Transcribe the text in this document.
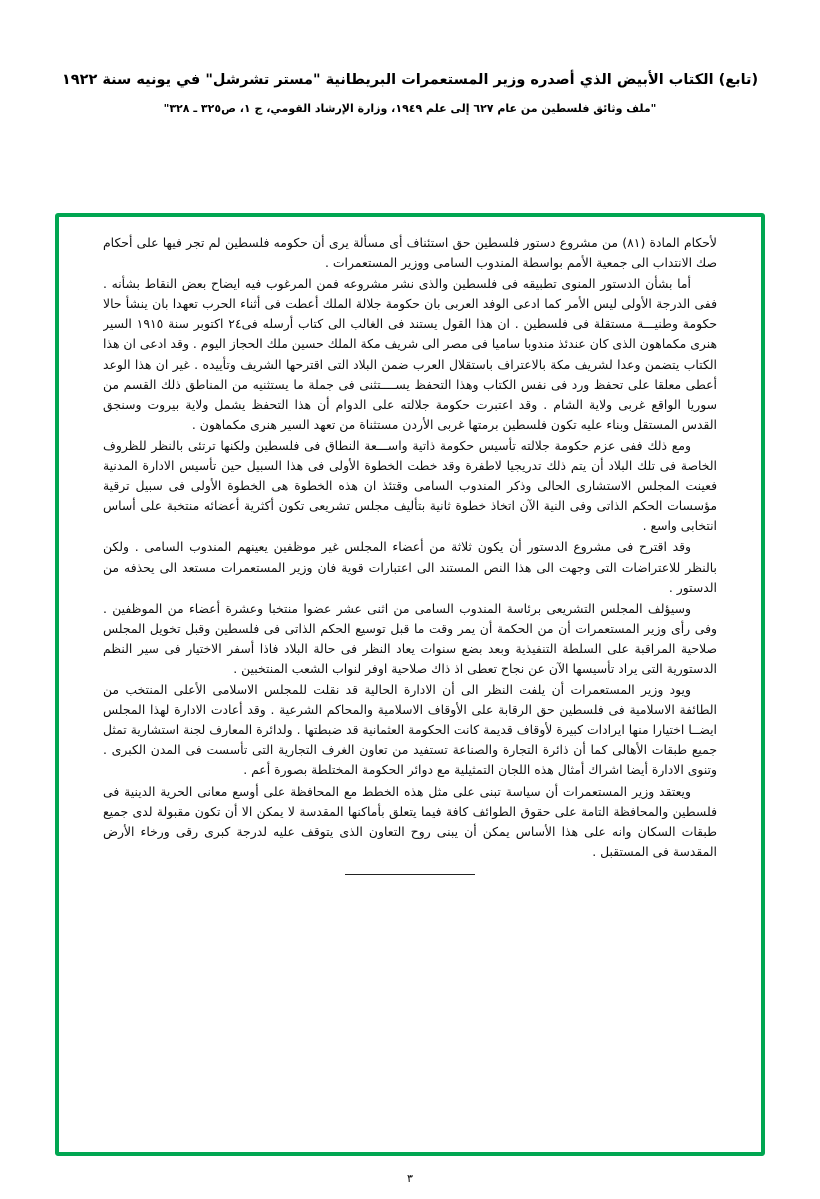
(تابع) الكتاب الأبيض الذي أصدره وزير المستعمرات البريطانية "مستر تشرشل" في يونيه سنة ١٩٢٢
"ملف وثائق فلسطين من عام ٦٢٧ إلى علم ١٩٤٩، وزارة الإرشاد القومي، ج ١، ص٣٢٥ ـ ٣٢٨"

لأحكام المادة (٨١) من مشروع دستور فلسطين حق استئناف أى مسألة يرى أن حكومه فلسطين لم تجر فيها على أحكام صك الانتداب الى جمعية الأمم بواسطة المندوب السامى ووزير المستعمرات .

أما بشأن الدستور المنوى تطبيقه فى فلسطين والذى نشر مشروعه فمن المرغوب فيه ايضاح بعض النقاط بشأنه . ففى الدرجة الأولى ليس الأمر كما ادعى الوفد العربى بان حكومة جلالة الملك أعطت فى أثناء الحرب تعهدا بان ينشأ حالا حكومة وطنيـــة مستقلة فى فلسطين . ان هذا القول يستند فى الغالب الى كتاب أرسله فى٢٤ اكتوبر سنة ١٩١٥ السير هنرى مكماهون الذى كان عندئذ مندوبا ساميا فى مصر الى شريف مكة الملك حسين ملك الحجاز اليوم . وقد ادعى ان هذا الكتاب يتضمن وعدا لشريف مكة بالاعتراف باستقلال العرب ضمن البلاد التى اقترحها الشريف وتأييده . غير ان هذا الوعد أعطى معلقا على تحفظ ورد فى نفس الكتاب وهذا التحفظ يســــتثنى فى جملة ما يستثنيه من المناطق ذلك القسم من سوريا الواقع غربى ولاية الشام . وقد اعتبرت حكومة جلالته على الدوام أن هذا التحفظ يشمل ولاية بيروت وسنجق القدس المستقل وبناء عليه تكون فلسطين برمتها غربى الأردن مستثناة من تعهد السير هنرى مكماهون .

ومع ذلك ففى عزم حكومة جلالته تأسيس حكومة ذاتية واســـعة النطاق فى فلسطين ولكنها ترتئى بالنظر للظروف الخاصة فى تلك البلاد أن يتم ذلك تدريجيا لاطفرة وقد خطت الخطوة الأولى فى هذا السبيل حين تأسيس الادارة المدنية فعينت المجلس الاستشارى الحالى وذكر المندوب السامى وقتئذ ان هذه الخطوة هى الخطوة الأولى فى سبيل ترقية مؤسسات الحكم الذاتى وفى النية الآن اتخاذ خطوة ثانية بتأليف مجلس تشريعى تكون أكثرية أعضائه منتخبة على أساس انتخابى واسع .

وقد اقترح فى مشروع الدستور أن يكون ثلاثة من أعضاء المجلس غير موظفين يعينهم المندوب السامى . ولكن بالنظر للاعتراضات التى وجهت الى هذا النص المستند الى اعتبارات قوية فان وزير المستعمرات مستعد الى يحذفه من الدستور .

وسيؤلف المجلس التشريعى برئاسة المندوب السامى من اثنى عشر عضوا منتخبا وعشرة أعضاء من الموظفين . وفى رأى وزير المستعمرات أن من الحكمة أن يمر وقت ما قبل توسيع الحكم الذاتى فى فلسطين وقبل تخويل المجلس صلاحية المراقبة على السلطة التنفيذية وبعد بضع سنوات يعاد النظر فى حالة البلاد فاذا أسفر الاختيار فى سير النظم الدستورية التى يراد تأسيسها الآن عن نجاح تعطى اذ ذاك صلاحية اوفر لنواب الشعب المنتخبين .

ويود وزير المستعمرات أن يلفت النظر الى أن الادارة الحالية قد نقلت للمجلس الاسلامى الأعلى المنتخب من الطائفة الاسلامية فى فلسطين حق الرقابة على الأوقاف الاسلامية والمحاكم الشرعية . وقد أعادت الادارة لهذا المجلس ايضــا اختيارا منها ايرادات كبيرة لأوقاف قديمة كانت الحكومة العثمانية قد ضبطتها . ولدائرة المعارف لجنة استشارية تمثل جميع طبقات الأهالى كما أن ذائرة التجارة والصناعة تستفيد من تعاون الغرف التجارية التى تأسست فى المدن الكبرى . وتنوى الادارة أيضا اشراك أمثال هذه اللجان التمثيلية مع دوائر الحكومة المختلطة بصورة أعم .

ويعتقد وزير المستعمرات أن سياسة تبنى على مثل هذه الخطط مع المحافظة على أوسع معانى الحرية الدينية فى فلسطين والمحافظة التامة على حقوق الطوائف كافة فيما يتعلق بأماكنها المقدسة لا يمكن الا أن تكون مقبولة لدى جميع طبقات السكان وانه على هذا الأساس يمكن أن يبنى روح التعاون الذى يتوقف عليه لدرجة كبرى رقى ورخاء الأرض المقدسة فى المستقبل .

٣
